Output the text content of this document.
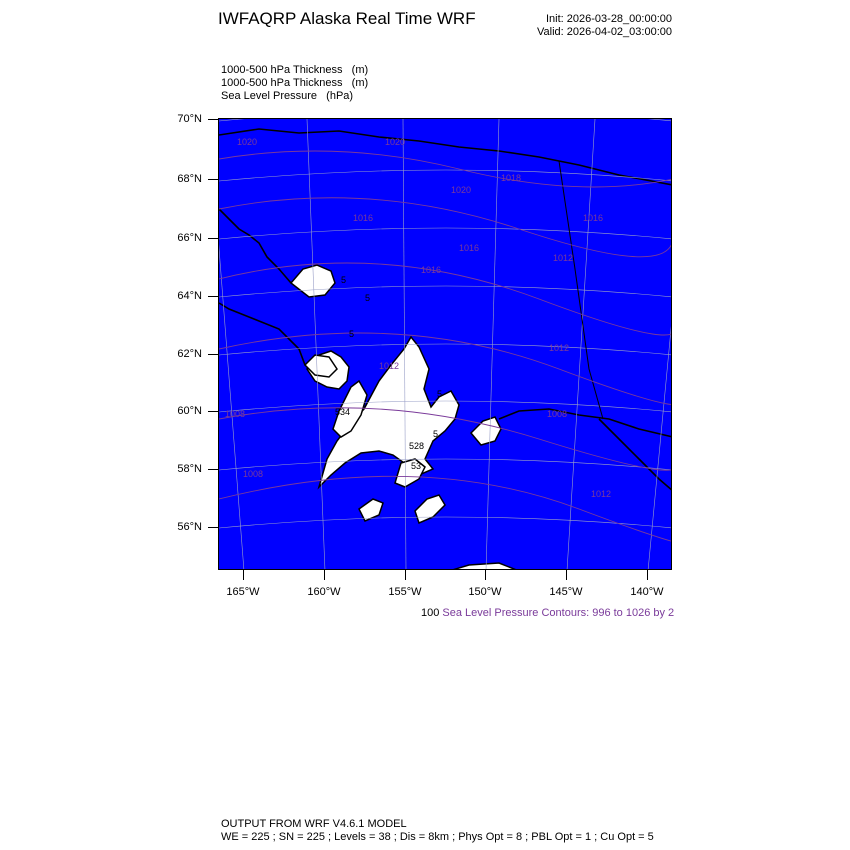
IWFAQRP Alaska Real Time WRF	Init: 2026-03-28_00:00:00
Valid: 2026-04-02_03:00:00
1000-500 hPa Thickness   (m)
1000-500 hPa Thickness   (m)
Sea Level Pressure   (hPa)
70°N
68°N
66°N
64°N
62°N
60°N
58°N
56°N
165°W	160°W	155°W	150°W	145°W	140°W
1020	1020
1020
1016
1016
1016
1016
1012
1012
1012
1008
1008
1012
1008
1018
5
5
5
5
528
534
53
5
100 Sea Level Pressure Contours: 996 to 1026 by 2
OUTPUT FROM WRF V4.6.1 MODEL
WE = 225 ; SN = 225 ; Levels = 38 ; Dis = 8km ; Phys Opt = 8 ; PBL Opt = 1 ; Cu Opt = 5
